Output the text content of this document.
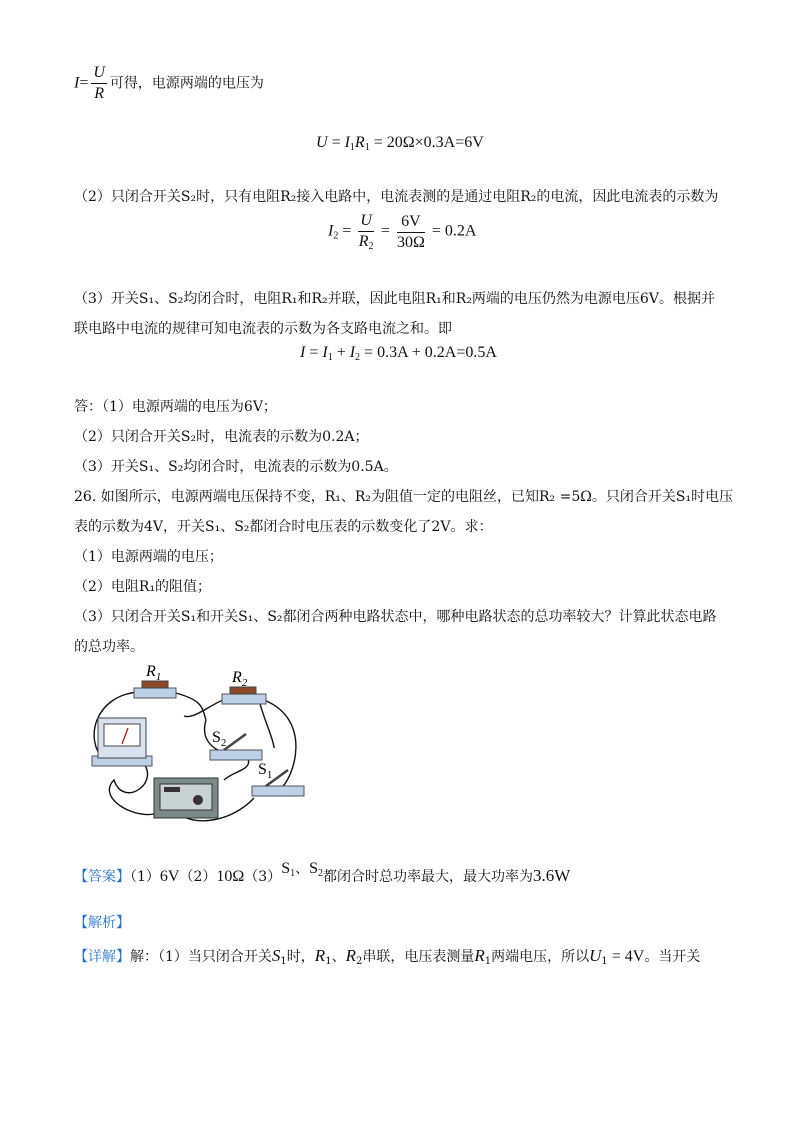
$I= \frac{U}{R}$ 可得，电源两端的电压为
$U = I_1R_1 = 20\Omega\times 0.3A=6V$
（2）只闭合开关S₂时，只有电阻R₂接入电路中，电流表测的是通过电阻R₂的电流，因此电流表的示数为
$I_2 = \frac{U}{R_2} = \frac{6V}{30\Omega} = 0.2A$
（3）开关S₁、S₂均闭合时，电阻R₁和R₂并联，因此电阻R₁和R₂两端的电压仍然为电源电压6V。根据并
联电路中电流的规律可知电流表的示数为各支路电流之和。即
$I = I_1 + I_2 = 0.3A + 0.2A=0.5A$
答：（1）电源两端的电压为6V；
（2）只闭合开关S₂时，电流表的示数为0.2A；
（3）开关S₁、S₂均闭合时，电流表的示数为0.5A。
26. 如图所示，电源两端电压保持不变，R₁、R₂为阻值一定的电阻丝，已知R₂ =5Ω。只闭合开关S₁时电压
表的示数为4V，开关S₁、S₂都闭合时电压表的示数变化了2V。求：
（1）电源两端的电压；
（2）电阻R₁的阻值；
（3）只闭合开关S₁和开关S₁、S₂都闭合两种电路状态中，哪种电路状态的总功率较大？计算此状态电路
的总功率。
$R_1$	$R_2$
$S_2$
$S_1$
【答案】$(1)6V(2)10\Omega(3)S_1$、$S_2$都闭合时总功率最大，最大功率为3.6W
【解析】
【详解】解：（1）当只闭合开关$S_1$时，$R_1$、$R_2$串联，电压表测量$R_1$两端电压，所以$U_1 = 4V$。当开关
